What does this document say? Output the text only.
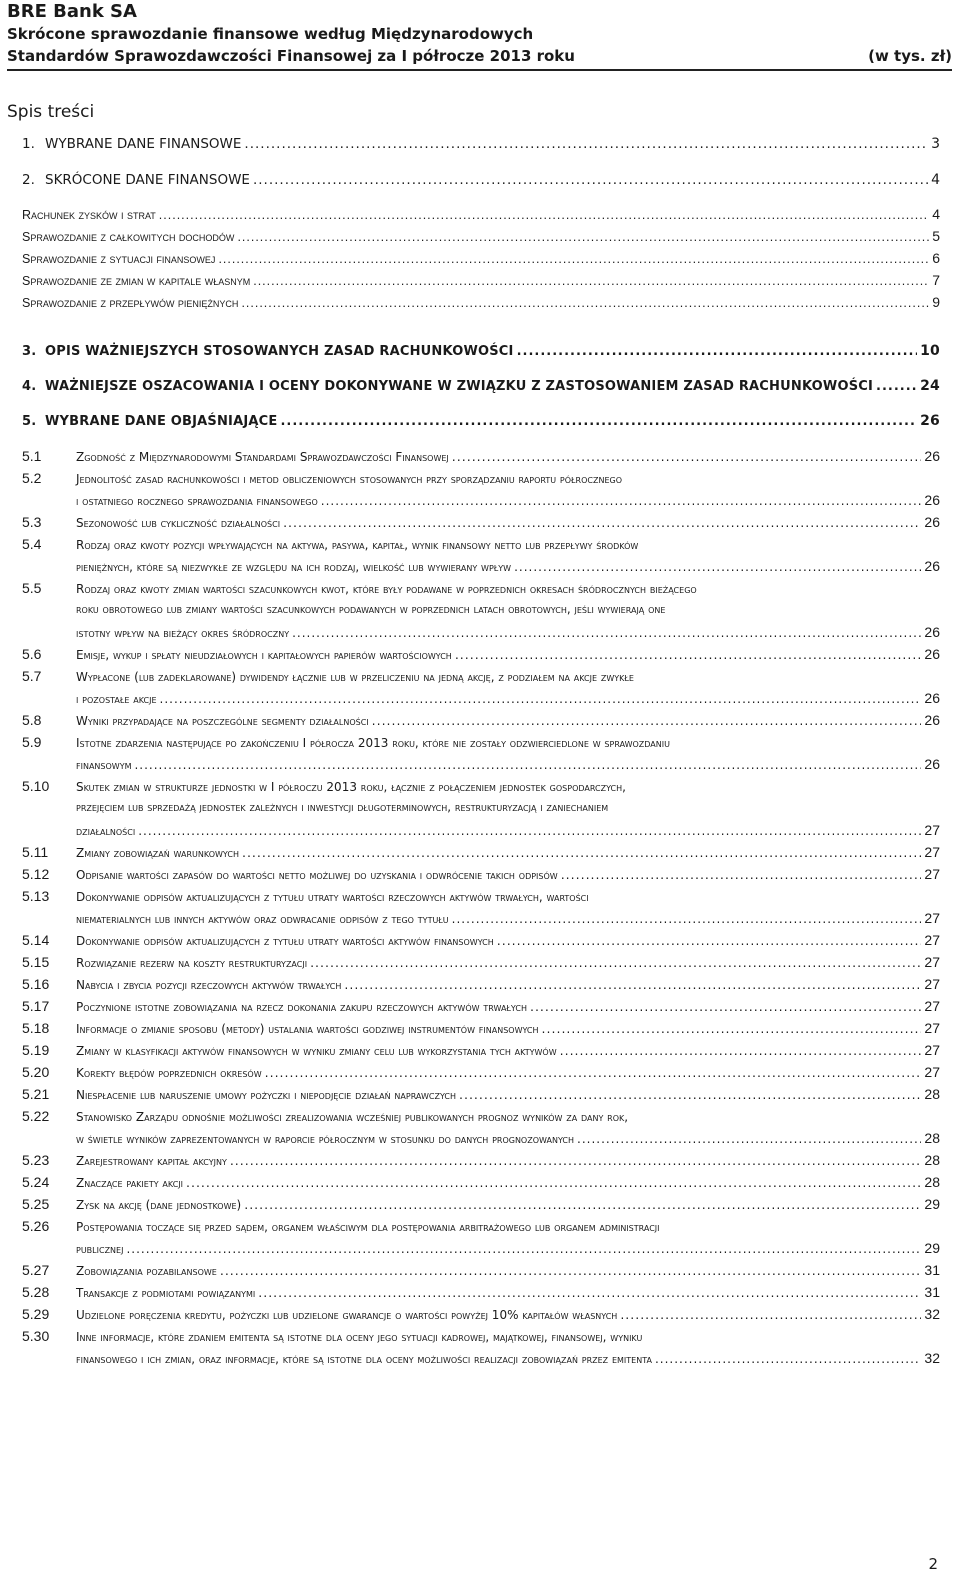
BRE Bank SA
Skrócone sprawozdanie finansowe według Międzynarodowych
Standardów Sprawozdawczości Finansowej za I półrocze 2013 roku	(w tys. zł)
Spis treści
1. WYBRANE DANE FINANSOWE .....	3
2. SKRÓCONE DANE FINANSOWE .....	4
Rachunek zysków i strat .....	4
Sprawozdanie z całkowitych dochodów .....	5
Sprawozdanie z sytuacji finansowej .....	6
Sprawozdanie ze zmian w kapitale własnym .....	7
Sprawozdanie z przepływów pieniężnych .....	9
3. OPIS WAŻNIEJSZYCH STOSOWANYCH ZASAD RACHUNKOWOŚCI .....	10
4. WAŻNIEJSZE OSZACOWANIA I OCENY DOKONYWANE W ZWIĄZKU Z ZASTOSOWANIEM ZASAD RACHUNKOWOŚCI .....	24
5. WYBRANE DANE OBJAŚNIAJĄCE .....	26
5.1	Zgodność z Międzynarodowymi Standardami Sprawozdawczości Finansowej .....	26
5.2	Jednolitość zasad rachunkowości i metod obliczeniowych stosowanych przy sporządzaniu raportu półrocznego
i ostatniego rocznego sprawozdania finansowego .....	26
5.3	Sezonowość lub cykliczność działalności .....	26
5.4	Rodzaj oraz kwoty pozycji wpływających na aktywa, pasywa, kapitał, wynik finansowy netto lub przepływy środków
pieniężnych, które są niezwykłe ze względu na ich rodzaj, wielkość lub wywierany wpływ .....	26
5.5	Rodzaj oraz kwoty zmian wartości szacunkowych kwot, które były podawane w poprzednich okresach śródrocznych bieżącego
roku obrotowego lub zmiany wartości szacunkowych podawanych w poprzednich latach obrotowych, jeśli wywierają one
istotny wpływ na bieżący okres śródroczny .....	26
5.6	Emisje, wykup i spłaty nieudziałowych i kapitałowych papierów wartościowych .....	26
5.7	Wypłacone (lub zadeklarowane) dywidendy łącznie lub w przeliczeniu na jedną akcję, z podziałem na akcje zwykłe
i pozostałe akcje .....	26
5.8	Wyniki przypadające na poszczególne segmenty działalności .....	26
5.9	Istotne zdarzenia następujące po zakończeniu I półrocza 2013 roku, które nie zostały odzwierciedlone w sprawozdaniu
finansowym .....	26
5.10	Skutek zmian w strukturze jednostki w I półroczu 2013 roku, łącznie z połączeniem jednostek gospodarczych,
przejęciem lub sprzedażą jednostek zależnych i inwestycji długoterminowych, restrukturyzacją i zaniechaniem
działalności .....	27
5.11	Zmiany zobowiązań warunkowych .....	27
5.12	Odpisanie wartości zapasów do wartości netto możliwej do uzyskania i odwrócenie takich odpisów .....	27
5.13	Dokonywanie odpisów aktualizujących z tytułu utraty wartości rzeczowych aktywów trwałych, wartości
niematerialnych lub innych aktywów oraz odwracanie odpisów z tego tytułu .....	27
5.14	Dokonywanie odpisów aktualizujących z tytułu utraty wartości aktywów finansowych .....	27
5.15	Rozwiązanie rezerw na koszty restrukturyzacji .....	27
5.16	Nabycia i zbycia pozycji rzeczowych aktywów trwałych .....	27
5.17	Poczynione istotne zobowiązania na rzecz dokonania zakupu rzeczowych aktywów trwałych .....	27
5.18	Informacje o zmianie sposobu (metody) ustalania wartości godziwej instrumentów finansowych .....	27
5.19	Zmiany w klasyfikacji aktywów finansowych w wyniku zmiany celu lub wykorzystania tych aktywów .....	27
5.20	Korekty błędów poprzednich okresów .....	27
5.21	Niespłacenie lub naruszenie umowy pożyczki i niepodjęcie działań naprawczych .....	28
5.22	Stanowisko Zarządu odnośnie możliwości zrealizowania wcześniej publikowanych prognoz wyników za dany rok,
w świetle wyników zaprezentowanych w raporcie półrocznym w stosunku do danych prognozowanych .....	28
5.23	Zarejestrowany kapitał akcyjny .....	28
5.24	Znaczące pakiety akcji .....	28
5.25	Zysk na akcję (dane jednostkowe) .....	29
5.26	Postępowania toczące się przed sądem, organem właściwym dla postępowania arbitrażowego lub organem administracji
publicznej .....	29
5.27	Zobowiązania pozabilansowe .....	31
5.28	Transakcje z podmiotami powiązanymi .....	31
5.29	Udzielone poręczenia kredytu, pożyczki lub udzielone gwarancje o wartości powyżej 10% kapitałów własnych .....	32
5.30	Inne informacje, które zdaniem emitenta są istotne dla oceny jego sytuacji kadrowej, majątkowej, finansowej, wyniku
finansowego i ich zmian, oraz informacje, które są istotne dla oceny możliwości realizacji zobowiązań przez emitenta .....	32
2
